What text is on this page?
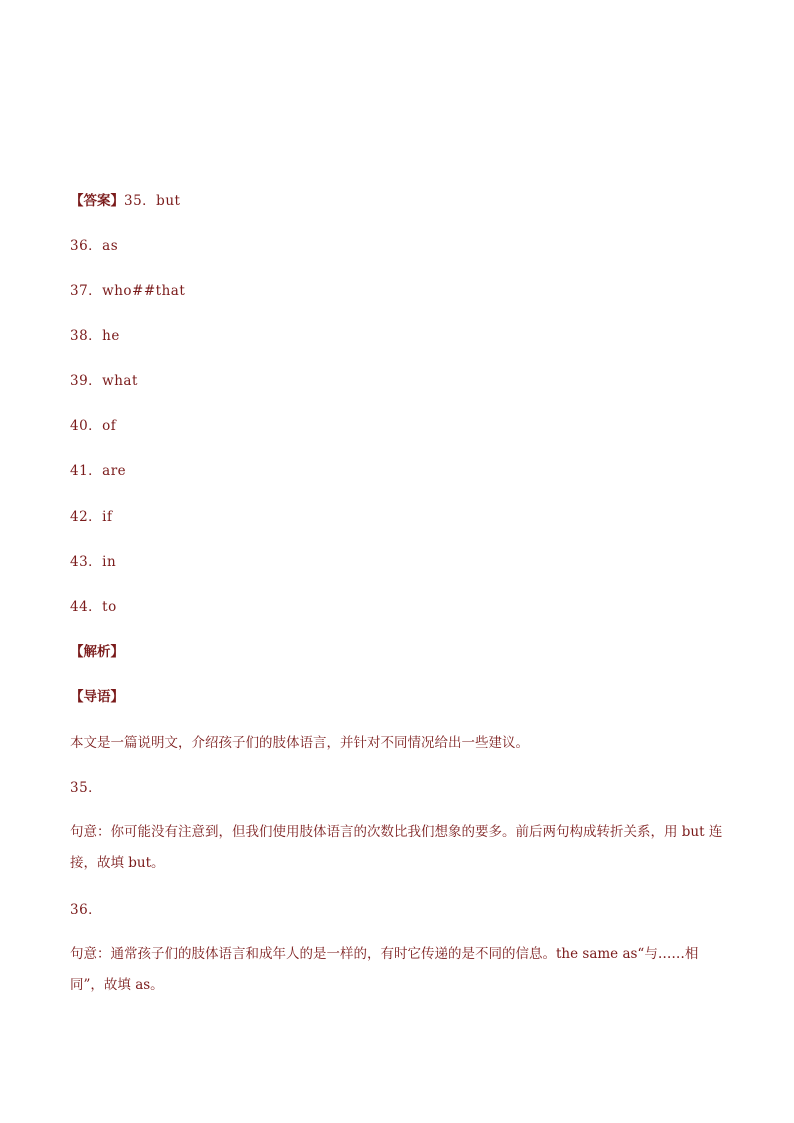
【答案】35．but
36．as
37．who##that
38．he
39．what
40．of
41．are
42．if
43．in
44．to
【解析】
【导语】
本文是一篇说明文，介绍孩子们的肢体语言，并针对不同情况给出一些建议。
35．
句意：你可能没有注意到，但我们使用肢体语言的次数比我们想象的要多。前后两句构成转折关系，用 but 连接，故填 but。
36．
句意：通常孩子们的肢体语言和成年人的是一样的，有时它传递的是不同的信息。the same as“与……相同”，故填 as。
